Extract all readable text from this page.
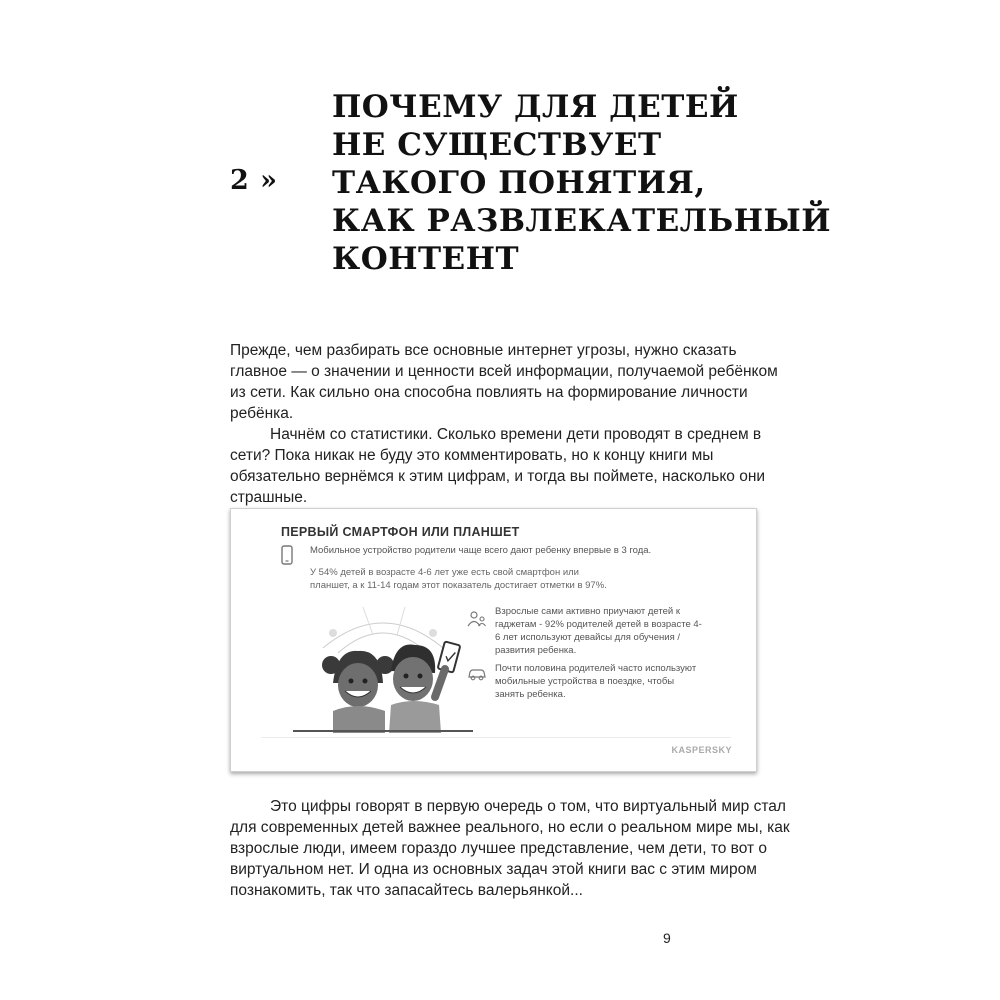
2 »
ПОЧЕМУ ДЛЯ ДЕТЕЙ
НЕ СУЩЕСТВУЕТ
ТАКОГО ПОНЯТИЯ,
КАК РАЗВЛЕКАТЕЛЬНЫЙ
КОНТЕНТ

Прежде, чем разбирать все основные интернет угрозы, нужно сказать главное — о значении и ценности всей информации, получаемой ребёнком из сети. Как сильно она способна повлиять на формирование личности ребёнка.

Начнём со статистики. Сколько времени дети проводят в среднем в сети? Пока никак не буду это комментировать, но к концу книги мы обязательно вернёмся к этим цифрам, и тогда вы поймете, насколько они страшные.

ПЕРВЫЙ СМАРТФОН ИЛИ ПЛАНШЕТ
Мобильное устройство родители чаще всего дают ребенку впервые в 3 года.
У 54% детей в возрасте 4-6 лет уже есть свой смартфон или планшет, а к 11-14 годам этот показатель достигает отметки в 97%.
Взрослые сами активно приучают детей к гаджетам - 92% родителей детей в возрасте 4-6 лет используют девайсы для обучения / развития ребенка.
Почти половина родителей часто используют мобильные устройства в поездке, чтобы занять ребенка.
KASPERSKY

Это цифры говорят в первую очередь о том, что виртуальный мир стал для современных детей важнее реального, но если о реальном мире мы, как взрослые люди, имеем гораздо лучшее представление, чем дети, то вот о виртуальном нет. И одна из основных задач этой книги вас с этим миром познакомить, так что запасайтесь валерьянкой...

9
